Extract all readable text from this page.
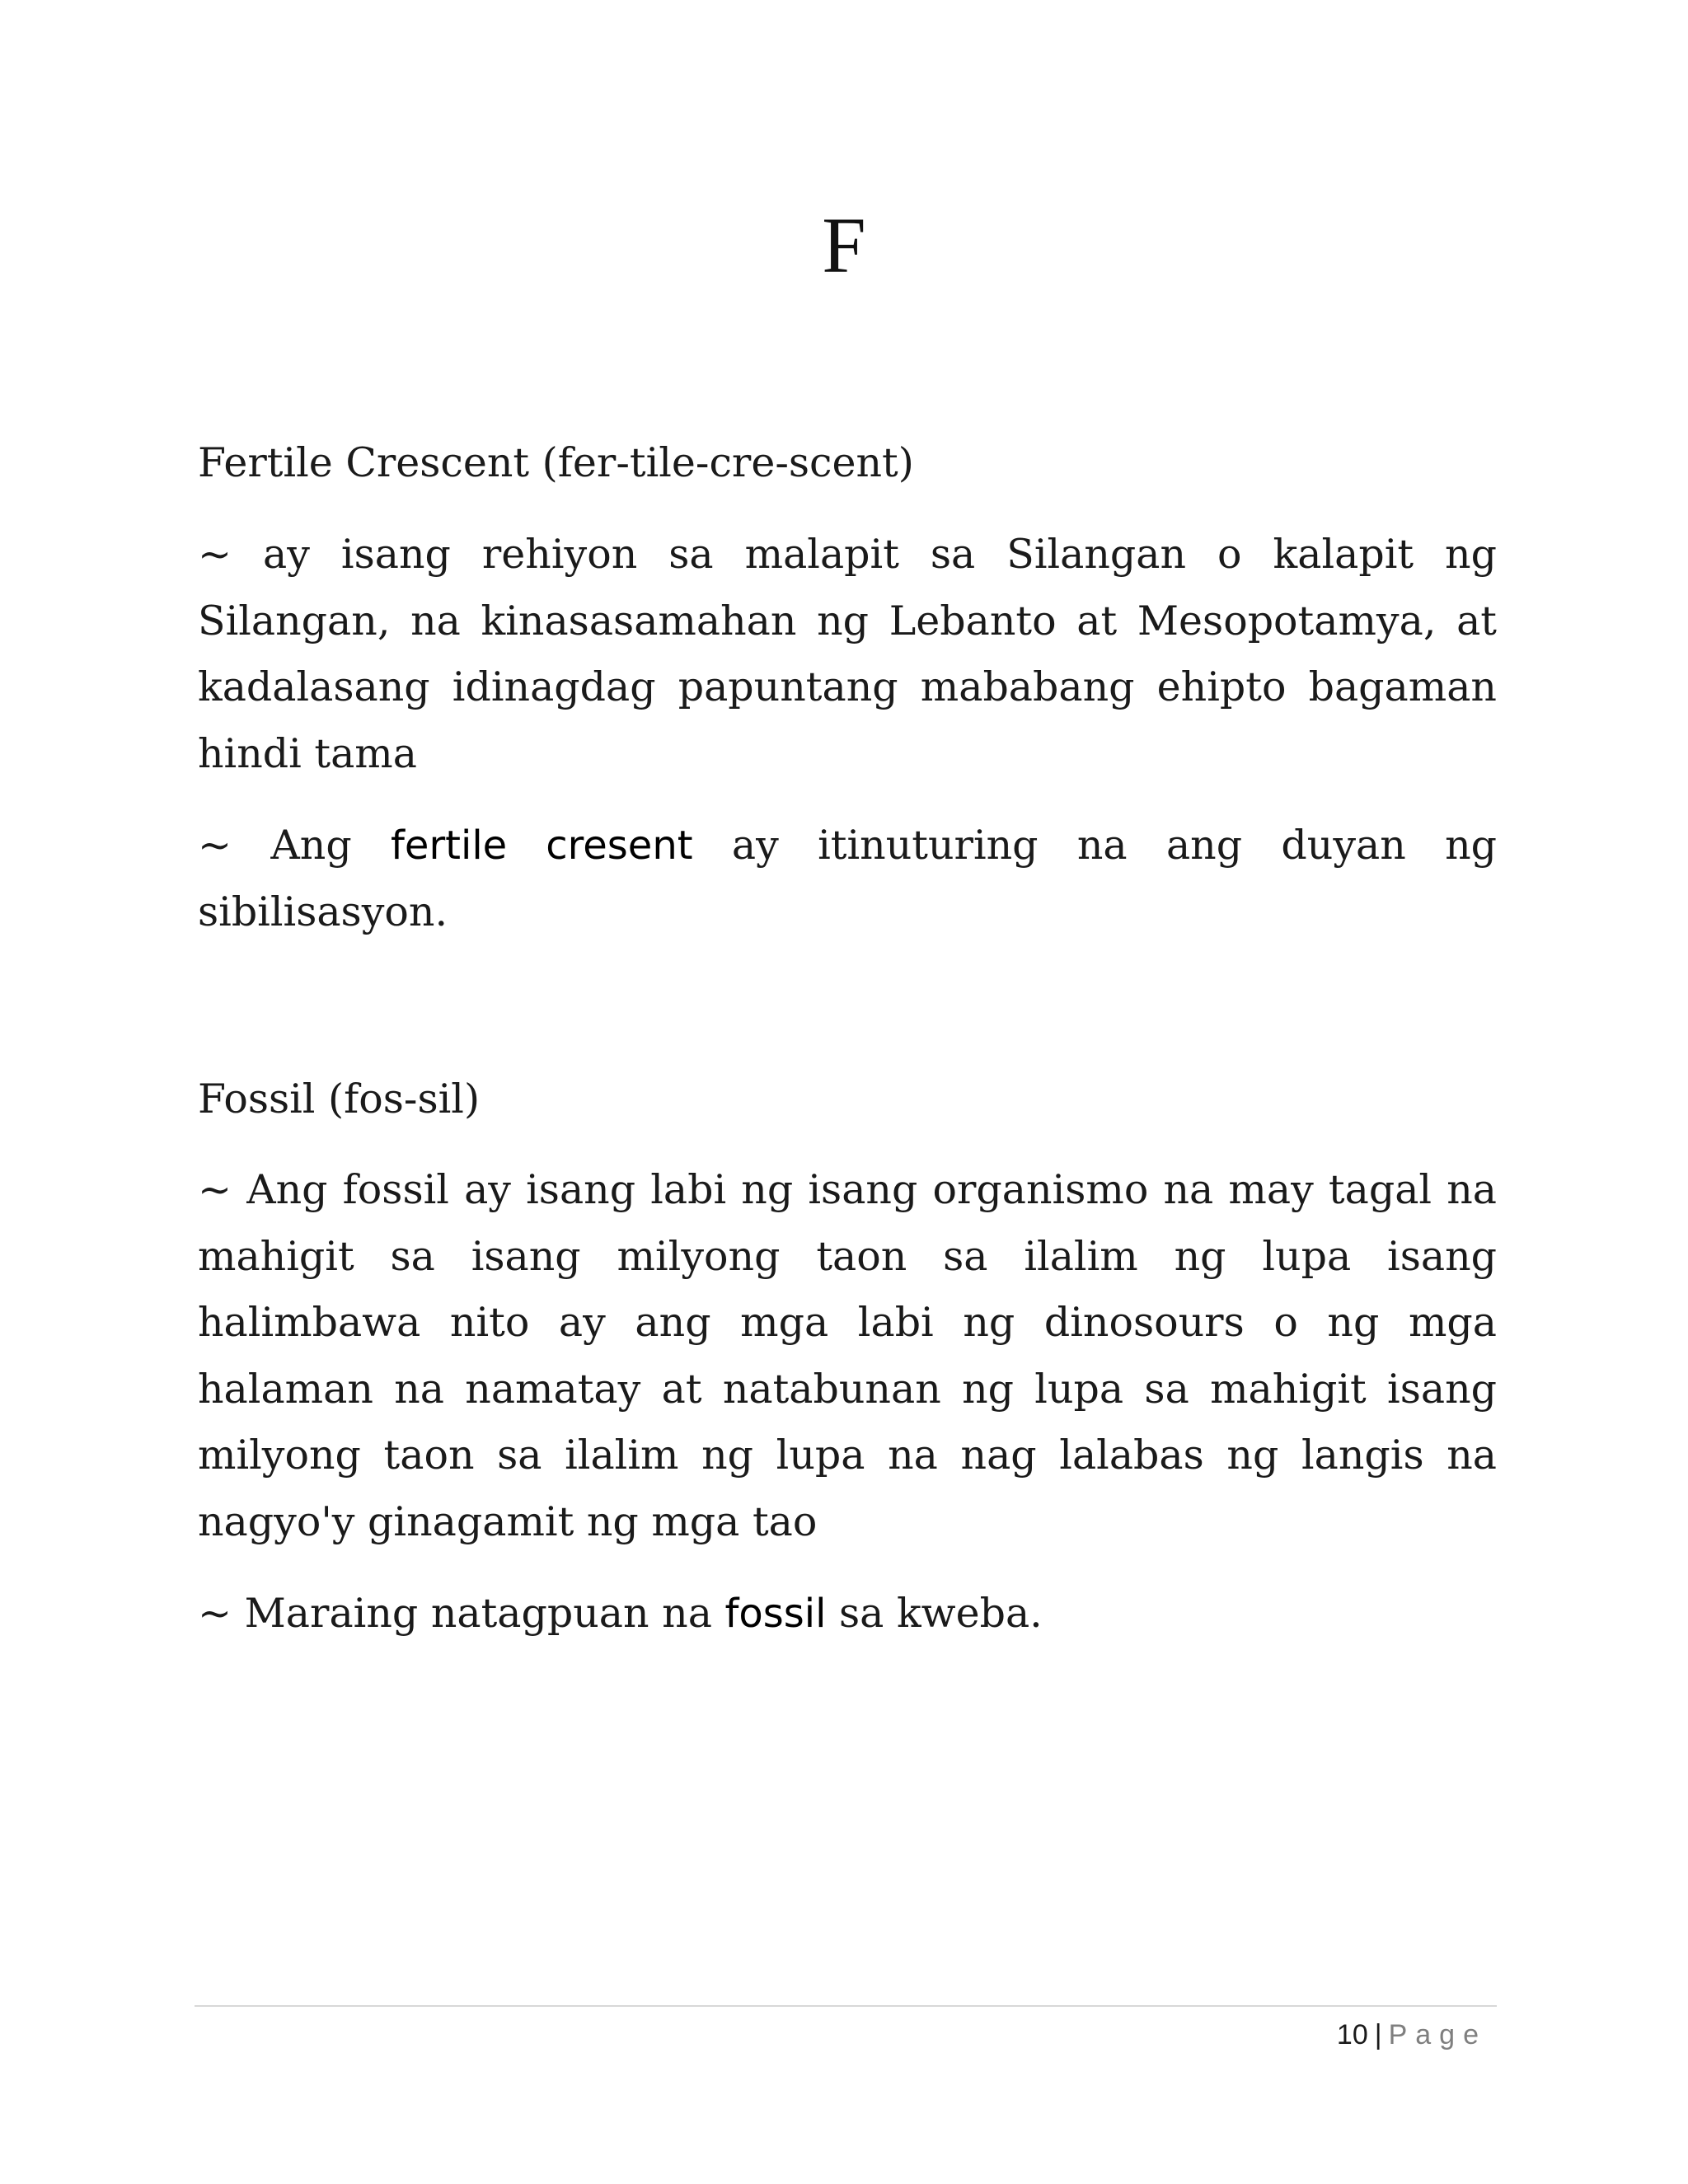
F

Fertile Crescent (fer-tile-cre-scent)

~ ay isang rehiyon sa malapit sa Silangan o kalapit ng Silangan, na kinasasamahan ng Lebanto at Mesopotamya, at kadalasang idinagdag papuntang mababang ehipto bagaman hindi tama

~ Ang fertile cresent ay itinuturing na ang duyan ng sibilisasyon.

Fossil (fos-sil)

~ Ang fossil ay isang labi ng isang organismo na may tagal na mahigit sa isang milyong taon sa ilalim ng lupa isang halimbawa nito ay ang mga labi ng dinosours o ng mga halaman na namatay at natabunan ng lupa sa mahigit isang milyong taon sa ilalim ng lupa na nag lalabas ng langis na nagyo'y ginagamit ng mga tao

~ Maraing natagpuan na fossil sa kweba.

10 | Page
